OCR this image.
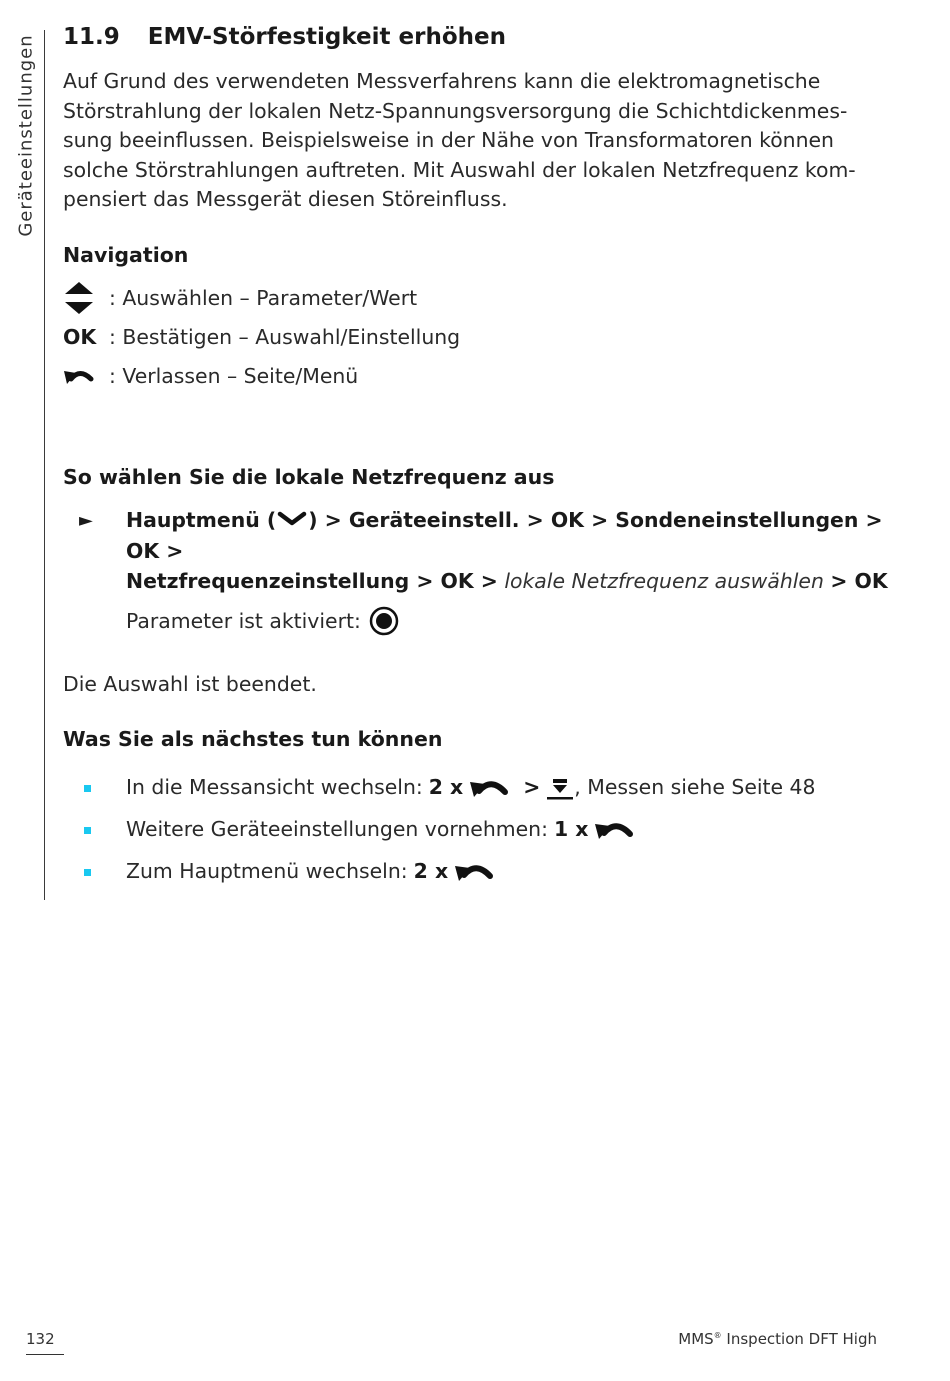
Geräteeinstellungen 11.9 EMV-Störfestigkeit erhöhen
Auf Grund des verwendeten Messverfahrens kann die elektromagnetische
Störstrahlung der lokalen Netz-Spannungsversorgung die Schichtdickenmes-
sung beeinflussen. Beispielsweise in der Nähe von Transformatoren können
solche Störstrahlungen auftreten. Mit Auswahl der lokalen Netzfrequenz kom-
pensiert das Messgerät diesen Störeinfluss.
Navigation
: Auswählen – Parameter/Wert
OK : Bestätigen – Auswahl/Einstellung
: Verlassen – Seite/Menü
So wählen Sie die lokale Netzfrequenz aus
► Hauptmenü ( ) > Geräteeinstell. > OK > Sondeneinstellungen > OK >
Netzfrequenzeinstellung > OK > lokale Netzfrequenz auswählen > OK
Parameter ist aktiviert:
Die Auswahl ist beendet.
Was Sie als nächstes tun können
In die Messansicht wechseln: 2 x	> , Messen siehe Seite 48
Weitere Geräteeinstellungen vornehmen: 1 x
Zum Hauptmenü wechseln: 2 x
132	MMS® Inspection DFT High
